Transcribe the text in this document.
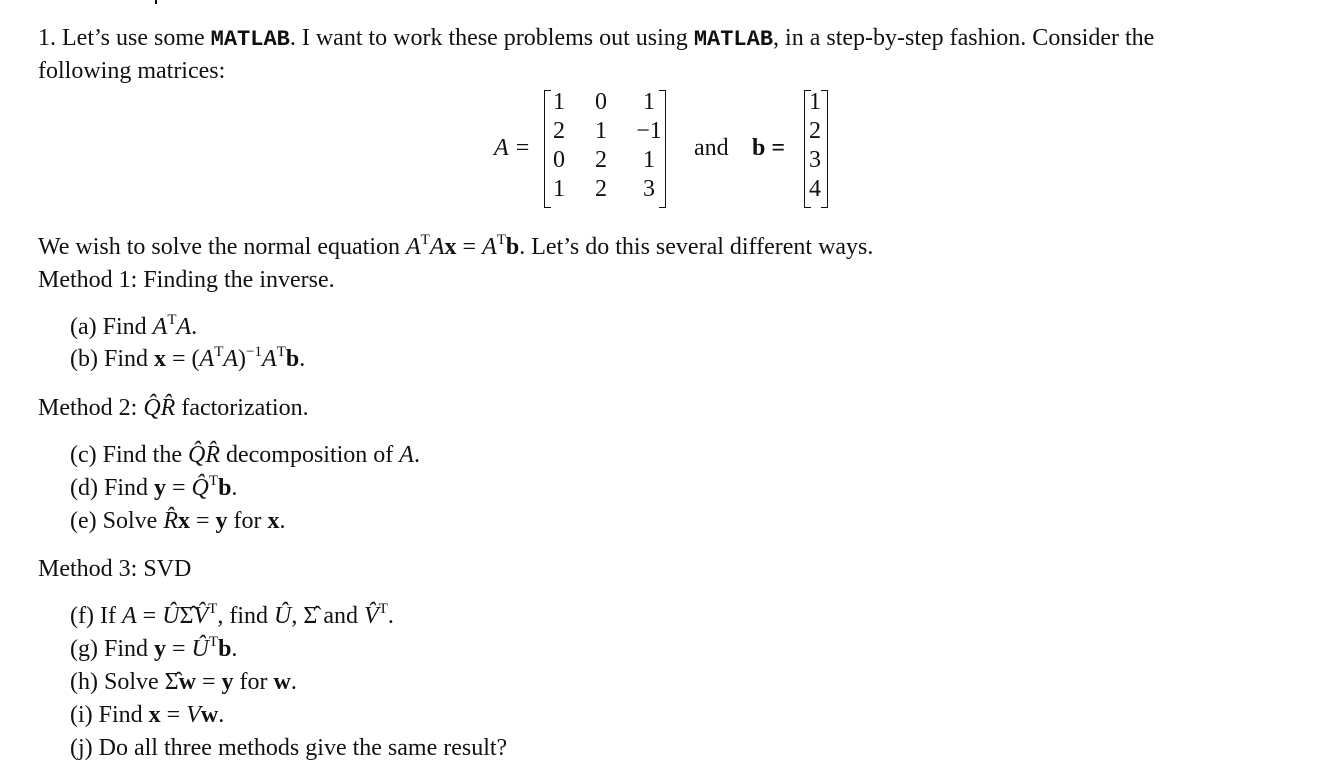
1. Let’s use some MATLAB. I want to work these problems out using MATLAB, in a step-by-step fashion. Consider the
following matrices:
A =
1 0 1
2 1 −1
0 2 1
1 2 3
and b =
1
2
3
4
We wish to solve the normal equation $A^TAx = A^Tb$. Let’s do this several different ways.
Method 1: Finding the inverse.
(a) Find $A^TA$.
(b) Find $x = (A^TA)^{-1}A^Tb$.
Method 2: Q̂R̂ factorization.
(c) Find the Q̂R̂ decomposition of A.
(d) Find y = Q̂$^T$b.
(e) Solve R̂x = y for x.
Method 3: SVD
(f) If A = ÛΣ̂V̂$^T$, find Û, Σ̂ and V̂$^T$.
(g) Find $y = Û^Tb$.
(h) Solve Σ̂w = y for w.
(i) Find x = Vw.
(j) Do all three methods give the same result?
